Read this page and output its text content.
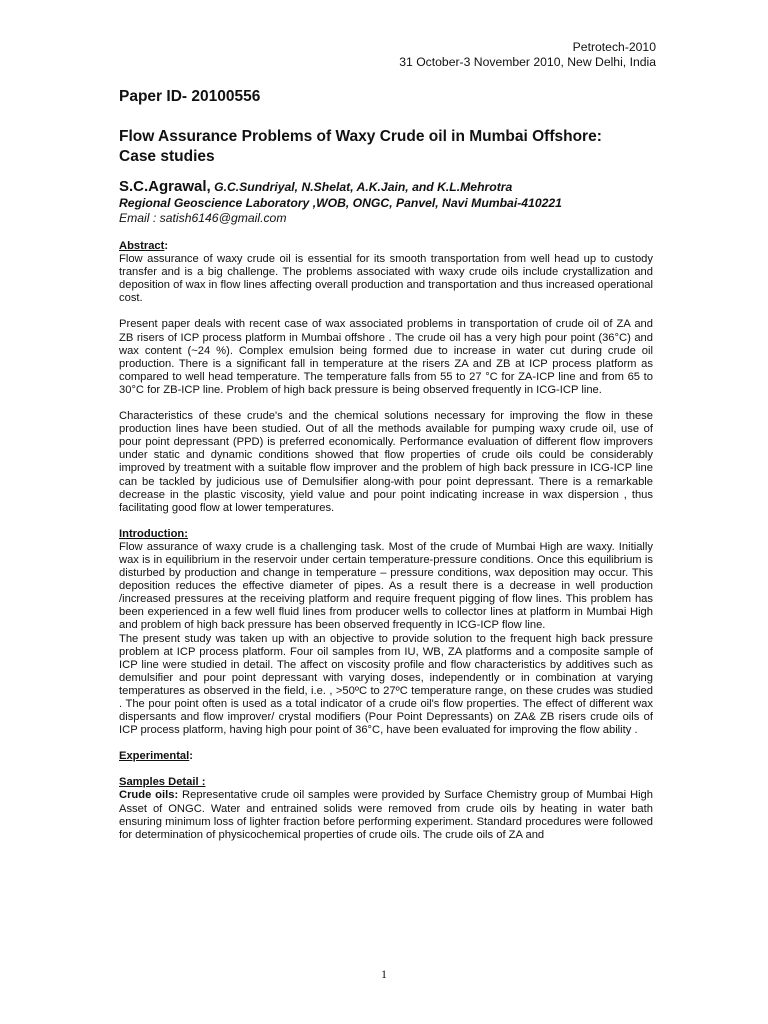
Petrotech-2010
31 October-3 November 2010, New Delhi, India
Paper ID- 20100556
Flow Assurance Problems of Waxy Crude oil in Mumbai Offshore:
Case studies
S.C.Agrawal, G.C.Sundriyal, N.Shelat, A.K.Jain, and K.L.Mehrotra
Regional Geoscience Laboratory ,WOB, ONGC, Panvel, Navi Mumbai-410221
Email : satish6146@gmail.com

Abstract:

Flow assurance of waxy crude oil is essential for its smooth transportation from well head up to custody transfer and is a big challenge. The problems associated with waxy crude oils include crystallization and deposition of wax in flow lines affecting overall production and transportation and thus increased operational cost.

Present paper deals with recent case of wax associated problems in transportation of crude oil of ZA and ZB risers of ICP process platform in Mumbai offshore . The crude oil has a very high pour point (36°C) and wax content (~24 %). Complex emulsion being formed due to increase in water cut during crude oil production. There is a significant fall in temperature at the risers ZA and ZB at ICP process platform as compared to well head temperature. The temperature falls from 55 to 27 °C for ZA-ICP line and from 65 to 30°C for ZB-ICP line. Problem of high back pressure is being observed frequently in ICG-ICP line.

Characteristics of these crude's and the chemical solutions necessary for improving the flow in these production lines have been studied. Out of all the methods available for pumping waxy crude oil, use of pour point depressant (PPD) is preferred economically. Performance evaluation of different flow improvers under static and dynamic conditions showed that flow properties of crude oils could be considerably improved by treatment with a suitable flow improver and the problem of high back pressure in ICG-ICP line can be tackled by judicious use of Demulsifier along-with pour point depressant. There is a remarkable decrease in the plastic viscosity, yield value and pour point indicating increase in wax dispersion , thus facilitating good flow at lower temperatures.

Introduction:

Flow assurance of waxy crude is a challenging task. Most of the crude of Mumbai High are waxy. Initially wax is in equilibrium in the reservoir under certain temperature-pressure conditions. Once this equilibrium is disturbed by production and change in temperature – pressure conditions, wax deposition may occur. This deposition reduces the effective diameter of pipes. As a result there is a decrease in well production /increased pressures at the receiving platform and require frequent pigging of flow lines. This problem has been experienced in a few well fluid lines from producer wells to collector lines at platform in Mumbai High and problem of high back pressure has been observed frequently in ICG-ICP flow line.

The present study was taken up with an objective to provide solution to the frequent high back pressure problem at ICP process platform. Four oil samples from IU, WB, ZA platforms and a composite sample of ICP line were studied in detail. The affect on viscosity profile and flow characteristics by additives such as demulsifier and pour point depressant with varying doses, independently or in combination at varying temperatures as observed in the field, i.e. , >50ºC to 27ºC temperature range, on these crudes was studied . The pour point often is used as a total indicator of a crude oil's flow properties. The effect of different wax dispersants and flow improver/ crystal modifiers (Pour Point Depressants) on ZA& ZB risers crude oils of ICP process platform, having high pour point of 36°C, have been evaluated for improving the flow ability .

Experimental:

Samples Detail :

Crude oils: Representative crude oil samples were provided by Surface Chemistry group of Mumbai High Asset of ONGC. Water and entrained solids were removed from crude oils by heating in water bath ensuring minimum loss of lighter fraction before performing experiment. Standard procedures were followed for determination of physicochemical properties of crude oils. The crude oils of ZA and

1
